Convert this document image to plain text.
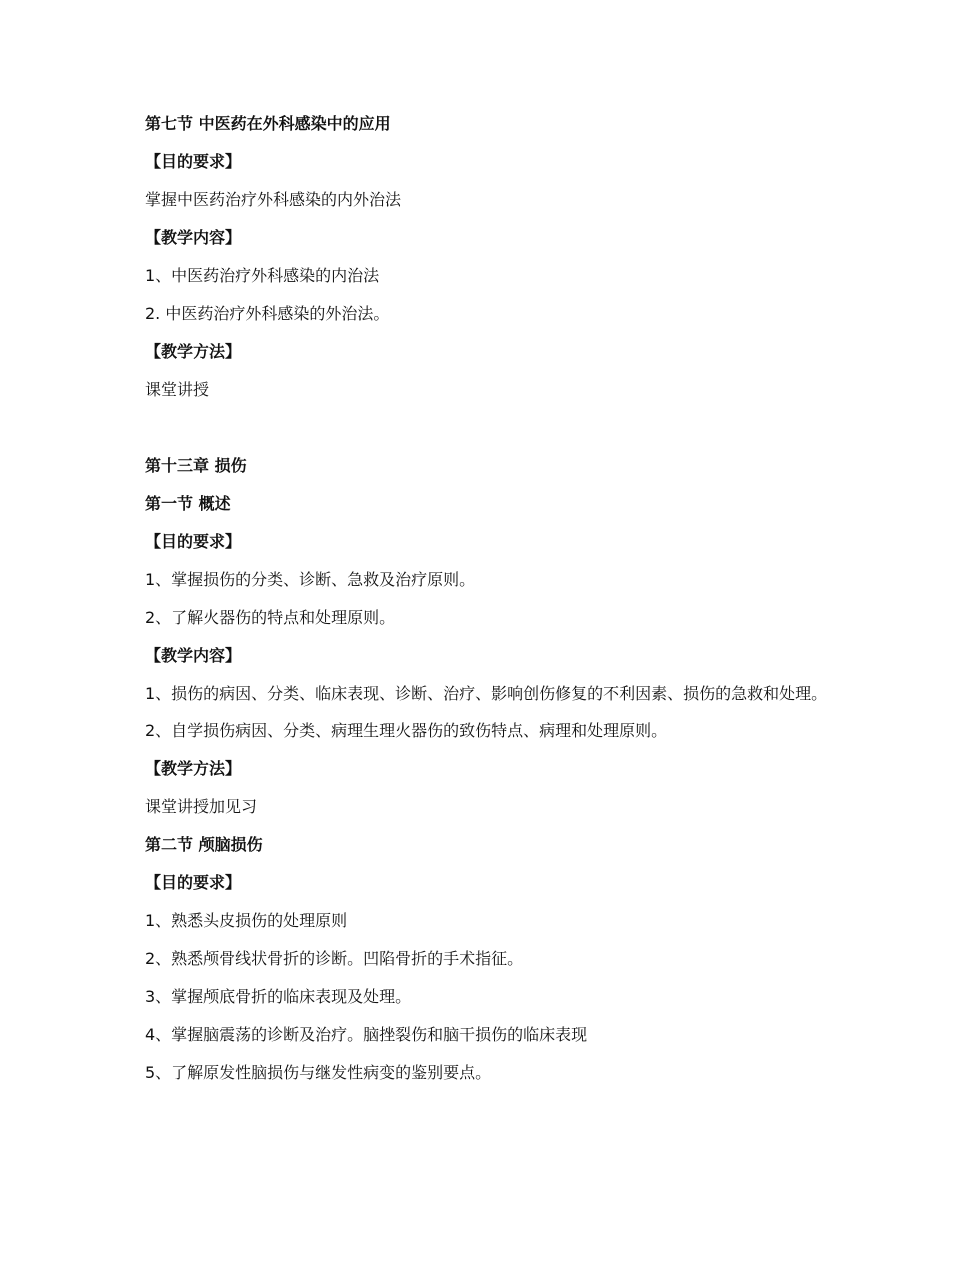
第七节 中医药在外科感染中的应用

【目的要求】

掌握中医药治疗外科感染的内外治法

【教学内容】

1、中医药治疗外科感染的内治法

2. 中医药治疗外科感染的外治法。

【教学方法】

课堂讲授

第十三章 损伤

第一节 概述

【目的要求】

1、掌握损伤的分类、诊断、急救及治疗原则。

2、了解火器伤的特点和处理原则。

【教学内容】

1、损伤的病因、分类、临床表现、诊断、治疗、影响创伤修复的不利因素、损伤的急救和处理。

2、自学损伤病因、分类、病理生理火器伤的致伤特点、病理和处理原则。

【教学方法】

课堂讲授加见习

第二节 颅脑损伤

【目的要求】

1、熟悉头皮损伤的处理原则

2、熟悉颅骨线状骨折的诊断。凹陷骨折的手术指征。

3、掌握颅底骨折的临床表现及处理。

4、掌握脑震荡的诊断及治疗。脑挫裂伤和脑干损伤的临床表现

5、了解原发性脑损伤与继发性病变的鉴别要点。
